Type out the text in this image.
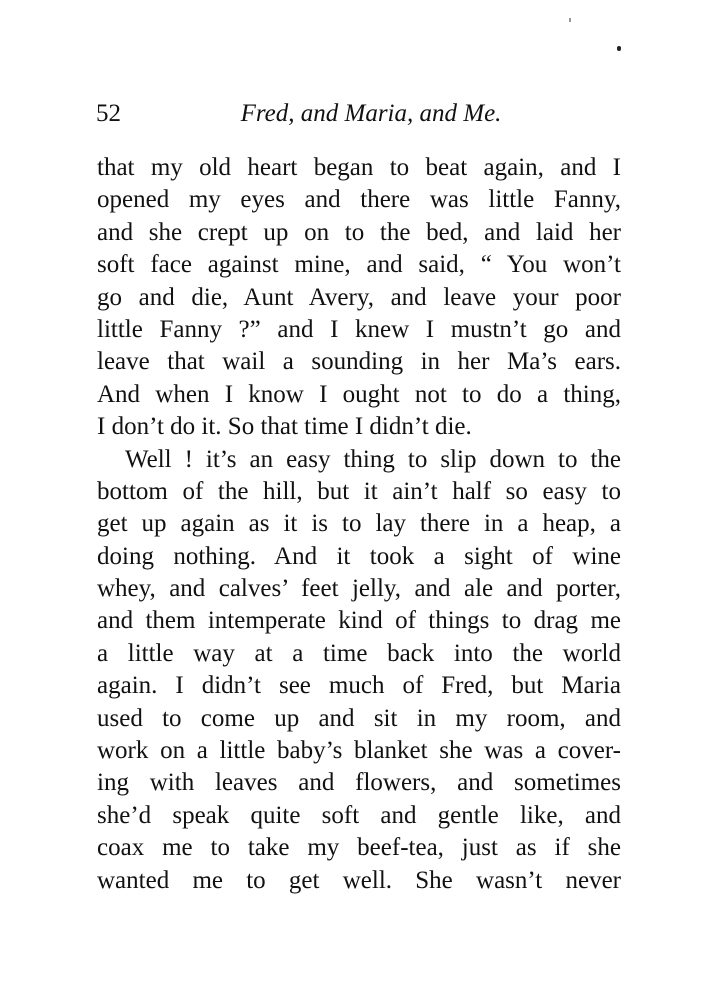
52	Fred, and Maria, and Me.
that my old heart began to beat again, and I
opened my eyes and there was little Fanny,
and she crept up on to the bed, and laid her
soft face against mine, and said, “ You won’t
go and die, Aunt Avery, and leave your poor
little Fanny ?” and I knew I mustn’t go and
leave that wail a sounding in her Ma’s ears.
And when I know I ought not to do a thing,
I don’t do it. So that time I didn’t die.
Well ! it’s an easy thing to slip down to the
bottom of the hill, but it ain’t half so easy to
get up again as it is to lay there in a heap, a
doing nothing. And it took a sight of wine
whey, and calves’ feet jelly, and ale and porter,
and them intemperate kind of things to drag me
a little way at a time back into the world
again. I didn’t see much of Fred, but Maria
used to come up and sit in my room, and
work on a little baby’s blanket she was a cover-
ing with leaves and flowers, and sometimes
she’d speak quite soft and gentle like, and
coax me to take my beef-tea, just as if she
wanted me to get well. She wasn’t never
